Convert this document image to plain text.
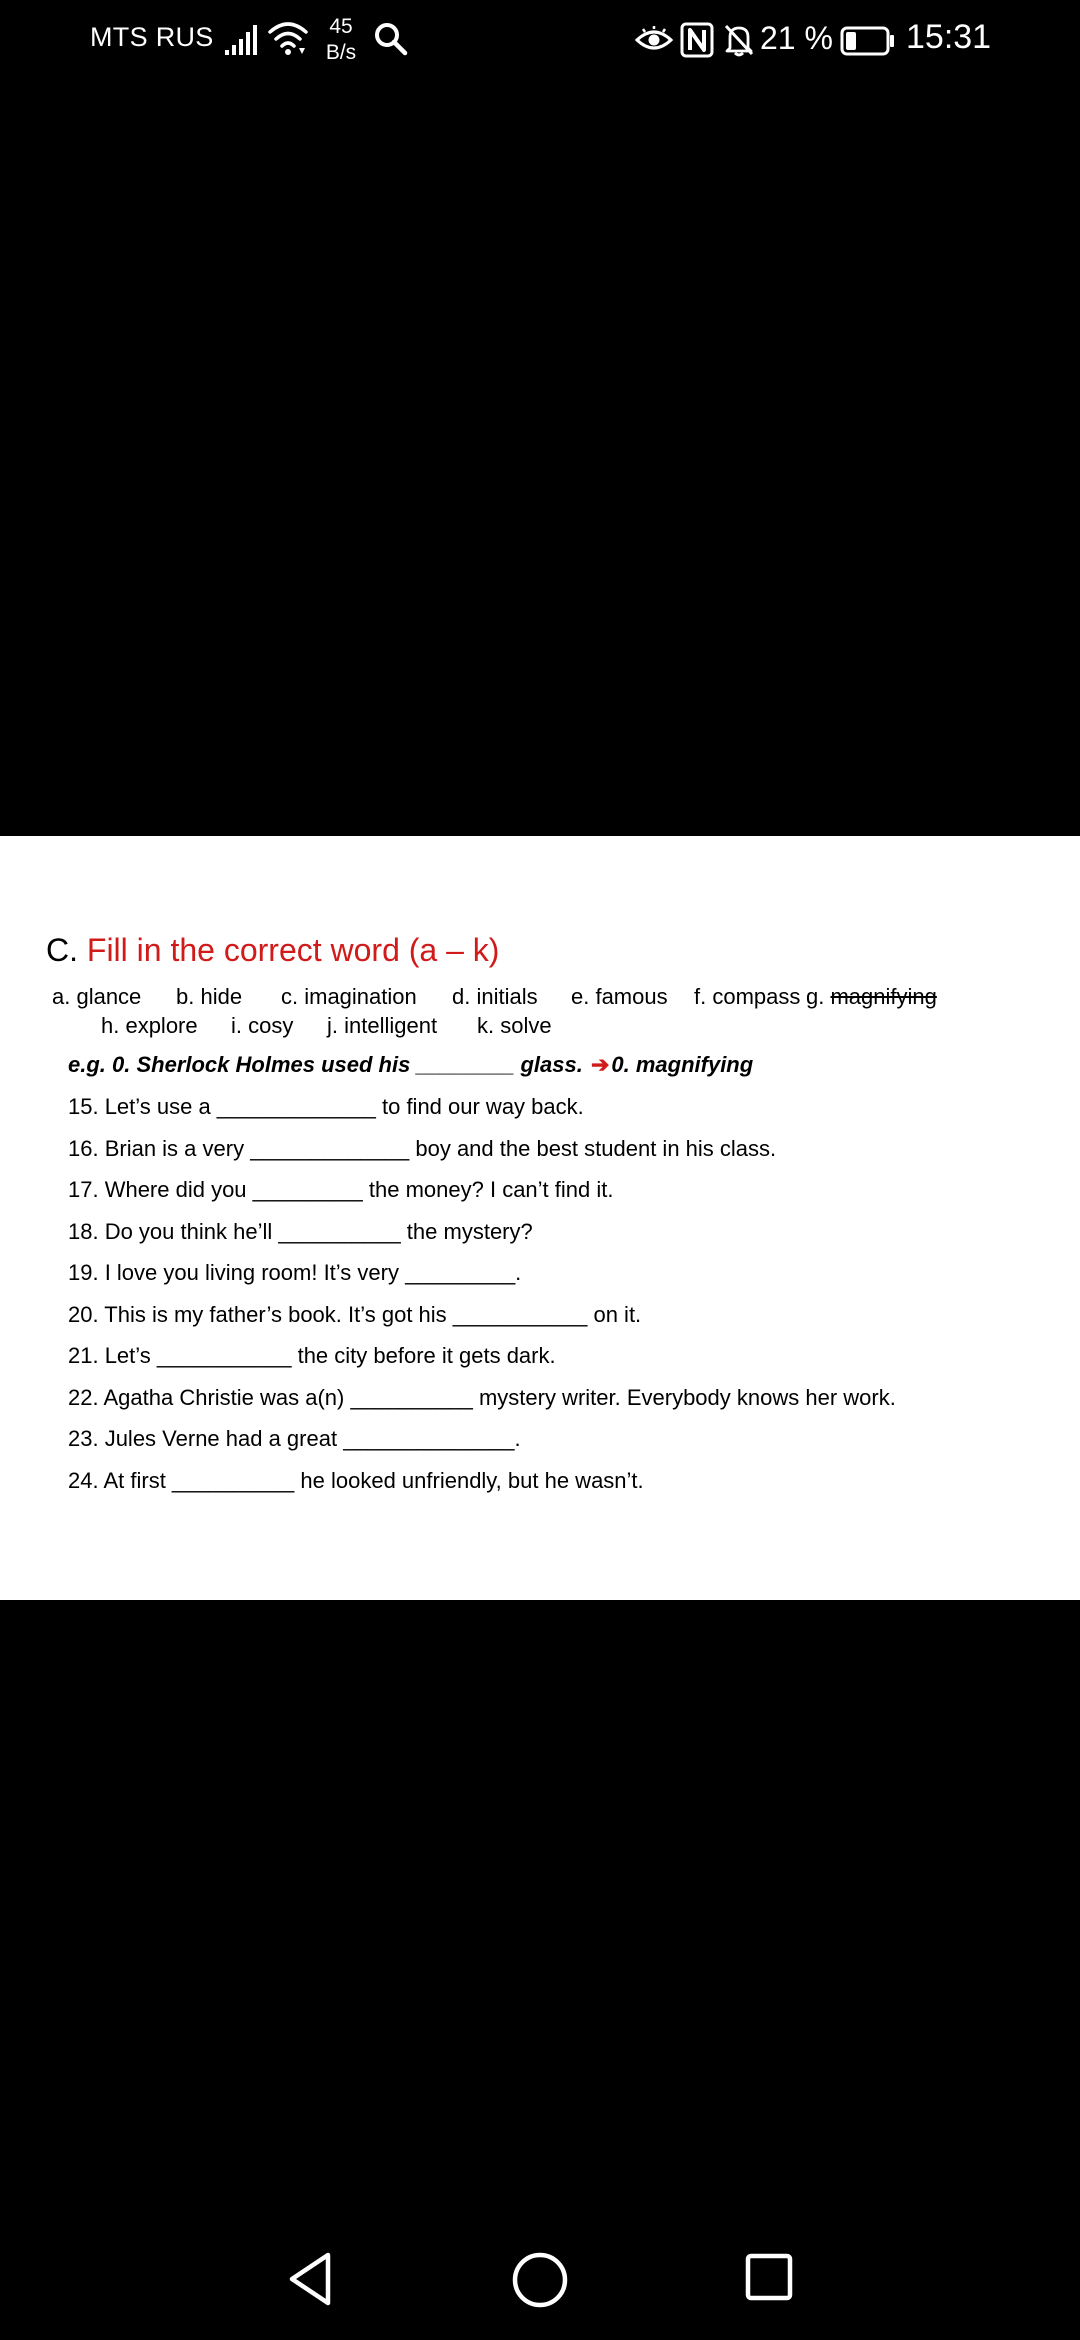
MTS RUS	45
B/s	21 % 15:31
C. Fill in the correct word (a – k)
a. glance b. hide c. imagination d. initials e. famous f. compass g. magnifying
h. explore i. cosy j. intelligent k. solve
e.g. 0. Sherlock Holmes used his ________ glass. ➔0. magnifying
15. Let’s use a _____________ to find our way back.
16. Brian is a very _____________ boy and the best student in his class.
17. Where did you _________ the money? I can’t find it.
18. Do you think he’ll __________ the mystery?
19. I love you living room! It’s very _________.
20. This is my father’s book. It’s got his ___________ on it.
21. Let’s ___________ the city before it gets dark.
22. Agatha Christie was a(n) __________ mystery writer. Everybody knows her work.
23. Jules Verne had a great ______________.
24. At first __________ he looked unfriendly, but he wasn’t.
